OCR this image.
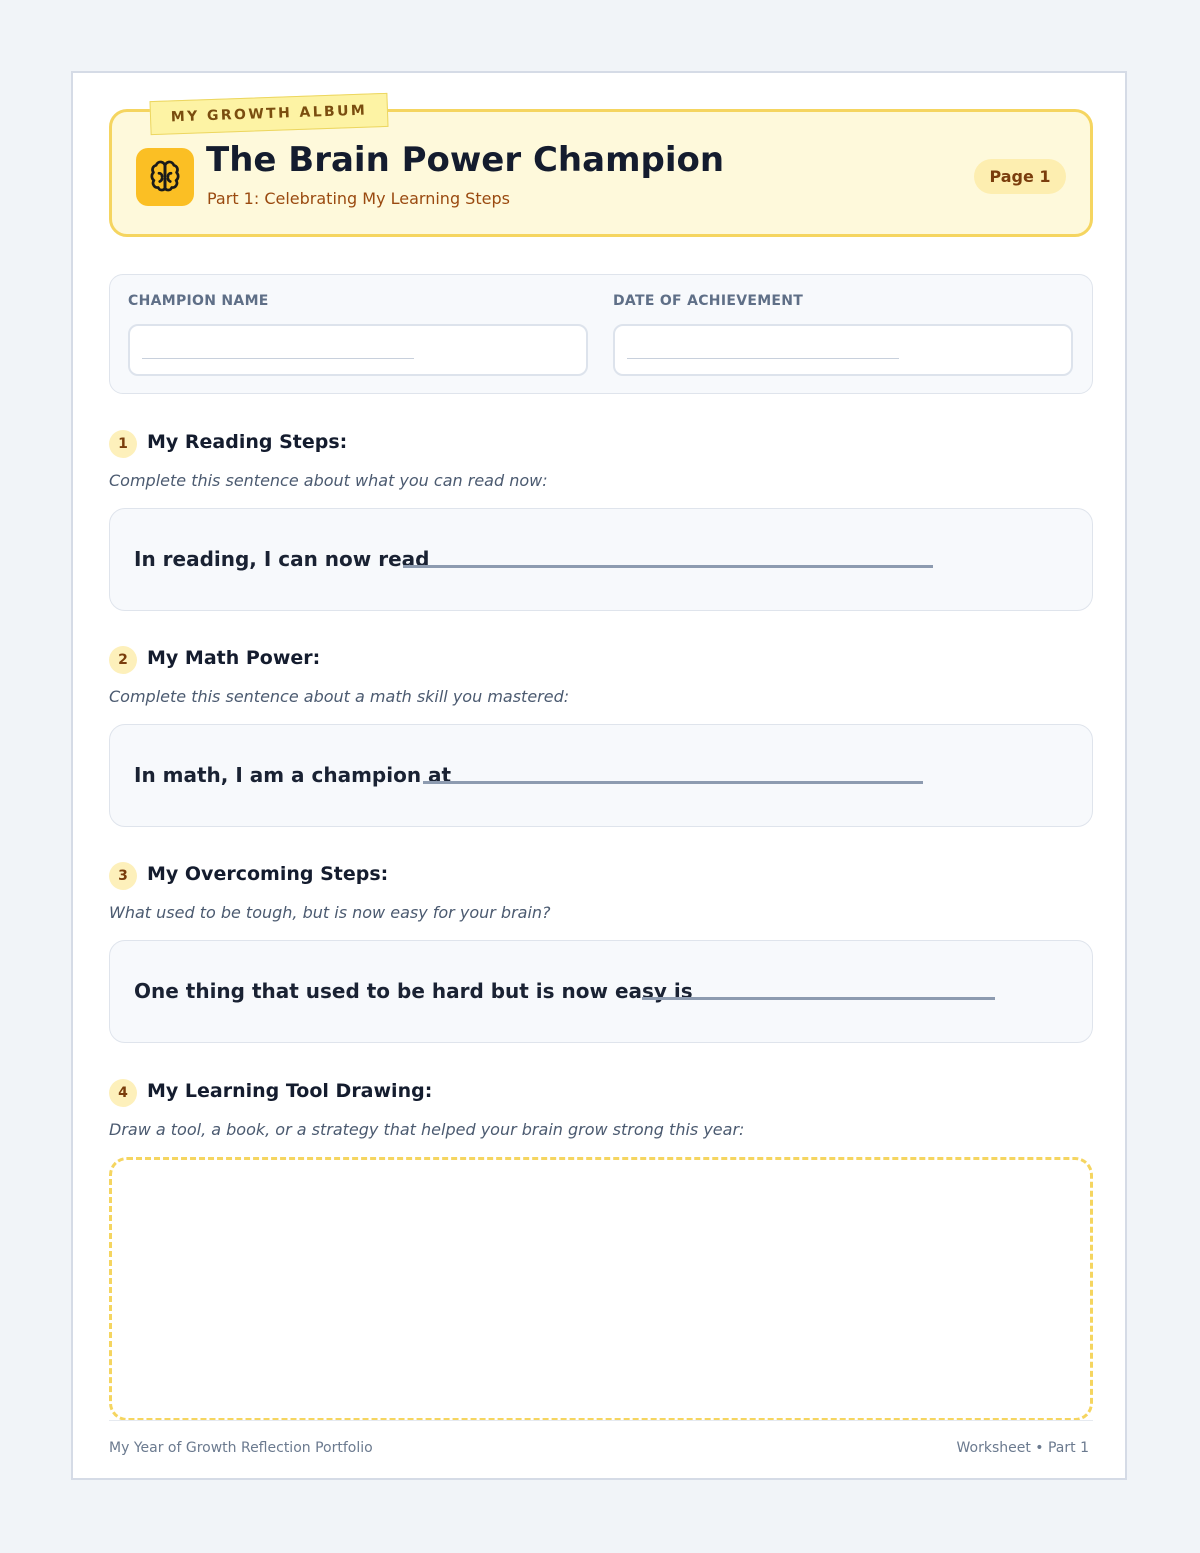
MY GROWTH ALBUM
The Brain Power Champion
Part 1: Celebrating My Learning Steps
Page 1
CHAMPION NAME	DATE OF ACHIEVEMENT
1	My Reading Steps:
Complete this sentence about what you can read now:
In reading, I can now read
2	My Math Power:
Complete this sentence about a math skill you mastered:
In math, I am a champion at
3	My Overcoming Steps:
What used to be tough, but is now easy for your brain?
One thing that used to be hard but is now easy is
4	My Learning Tool Drawing:
Draw a tool, a book, or a strategy that helped your brain grow strong this year:
My Year of Growth Reflection Portfolio	Worksheet • Part 1
